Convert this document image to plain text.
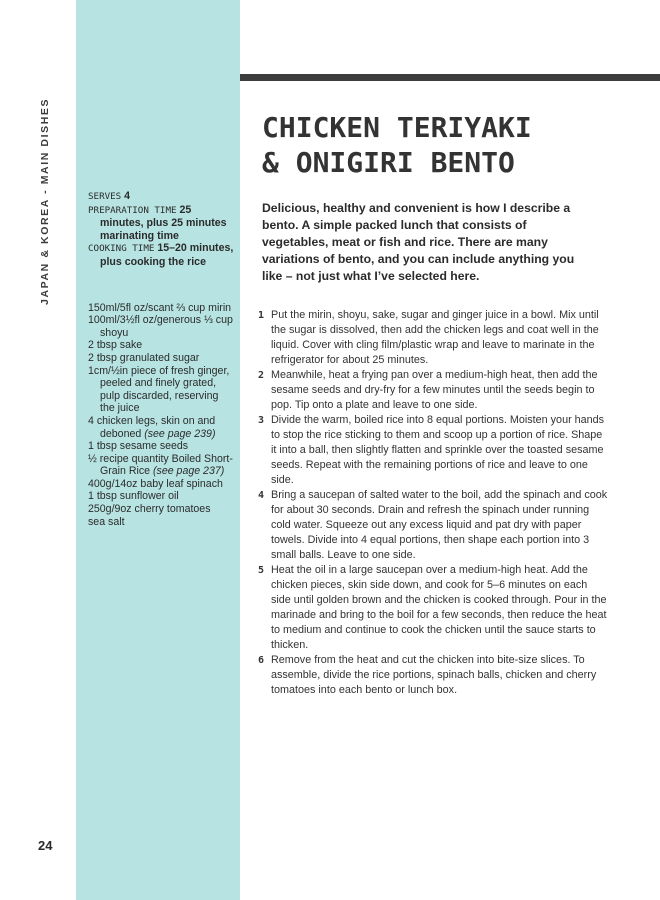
JAPAN & KOREA - MAIN DISHES	SERVES 4

PREPARATION TIME 25 minutes, plus 25 minutes marinating time

COOKING TIME 15–20 minutes, plus cooking the rice

150ml/5fl oz/scant ⅔ cup mirin

100ml/3½fl oz/generous ⅓ cup shoyu

2 tbsp sake

2 tbsp granulated sugar

1cm/½in piece of fresh ginger, peeled and finely grated, pulp discarded, reserving the juice

4 chicken legs, skin on and deboned (see page 239)

1 tbsp sesame seeds

½ recipe quantity Boiled Short-Grain Rice (see page 237)

400g/14oz baby leaf spinach

1 tbsp sunflower oil

250g/9oz cherry tomatoes

sea salt

CHICKEN TERIYAKI
& ONIGIRI BENTO

Delicious, healthy and convenient is how I describe a bento. A simple packed lunch that consists of vegetables, meat or fish and rice. There are many variations of bento, and you can include anything you like – not just what I’ve selected here.

1 Put the mirin, shoyu, sake, sugar and ginger juice in a bowl. Mix until the sugar is dissolved, then add the chicken legs and coat well in the liquid. Cover with cling film/plastic wrap and leave to marinate in the refrigerator for about 25 minutes.
2 Meanwhile, heat a frying pan over a medium-high heat, then add the sesame seeds and dry-fry for a few minutes until the seeds begin to pop. Tip onto a plate and leave to one side.
3 Divide the warm, boiled rice into 8 equal portions. Moisten your hands to stop the rice sticking to them and scoop up a portion of rice. Shape it into a ball, then slightly flatten and sprinkle over the toasted sesame seeds. Repeat with the remaining portions of rice and leave to one side.
4 Bring a saucepan of salted water to the boil, add the spinach and cook for about 30 seconds. Drain and refresh the spinach under running cold water. Squeeze out any excess liquid and pat dry with paper towels. Divide into 4 equal portions, then shape each portion into 3 small balls. Leave to one side.
5 Heat the oil in a large saucepan over a medium-high heat. Add the chicken pieces, skin side down, and cook for 5–6 minutes on each side until golden brown and the chicken is cooked through. Pour in the marinade and bring to the boil for a few seconds, then reduce the heat to medium and continue to cook the chicken until the sauce starts to thicken.
6 Remove from the heat and cut the chicken into bite-size slices. To assemble, divide the rice portions, spinach balls, chicken and cherry tomatoes into each bento or lunch box.
24
